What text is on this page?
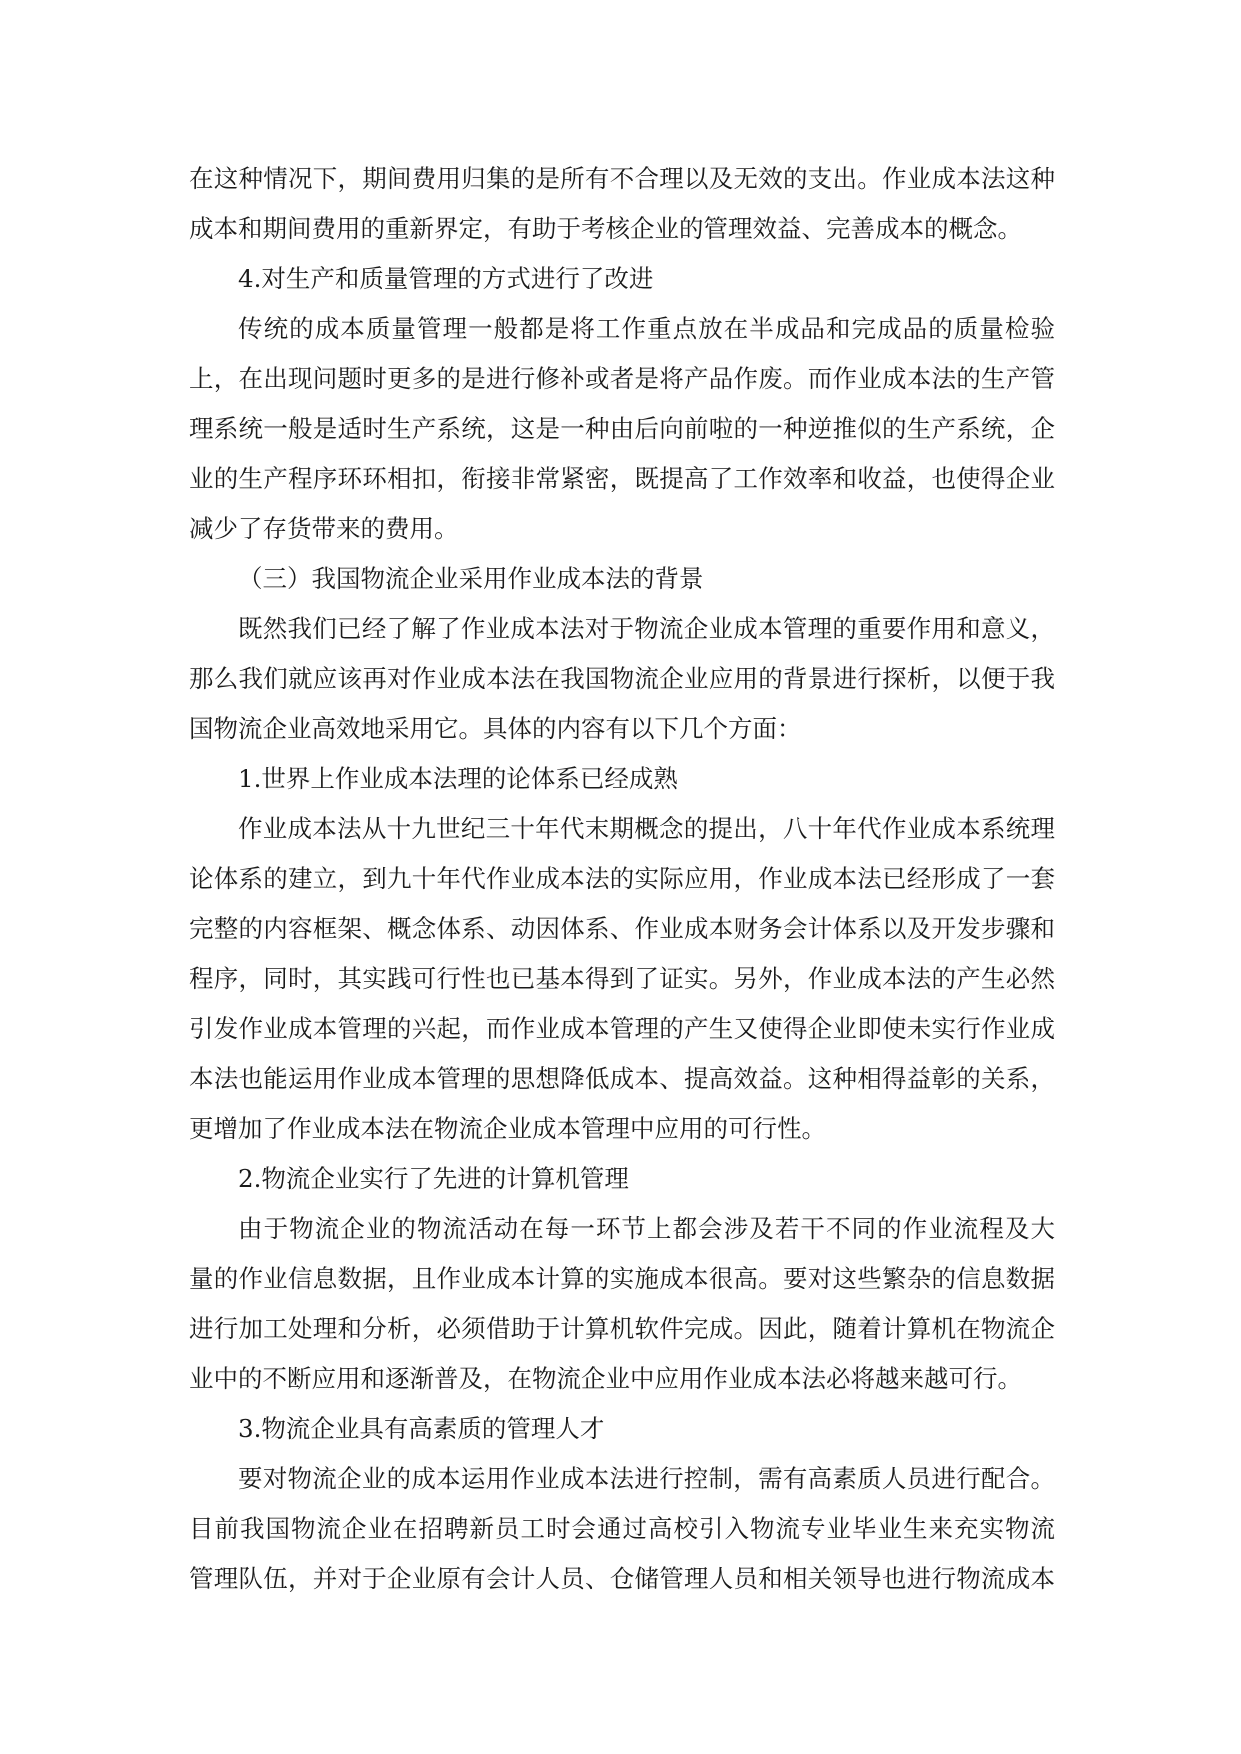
在这种情况下，期间费用归集的是所有不合理以及无效的支出。作业成本法这种
成本和期间费用的重新界定，有助于考核企业的管理效益、完善成本的概念。
4.对生产和质量管理的方式进行了改进
传统的成本质量管理一般都是将工作重点放在半成品和完成品的质量检验
上，在出现问题时更多的是进行修补或者是将产品作废。而作业成本法的生产管
理系统一般是适时生产系统，这是一种由后向前啦的一种逆推似的生产系统，企
业的生产程序环环相扣，衔接非常紧密，既提高了工作效率和收益，也使得企业
减少了存货带来的费用。
（三）我国物流企业采用作业成本法的背景
既然我们已经了解了作业成本法对于物流企业成本管理的重要作用和意义，
那么我们就应该再对作业成本法在我国物流企业应用的背景进行探析，以便于我
国物流企业高效地采用它。具体的内容有以下几个方面：
1.世界上作业成本法理的论体系已经成熟
作业成本法从十九世纪三十年代末期概念的提出，八十年代作业成本系统理
论体系的建立，到九十年代作业成本法的实际应用，作业成本法已经形成了一套
完整的内容框架、概念体系、动因体系、作业成本财务会计体系以及开发步骤和
程序，同时，其实践可行性也已基本得到了证实。另外，作业成本法的产生必然
引发作业成本管理的兴起，而作业成本管理的产生又使得企业即使未实行作业成
本法也能运用作业成本管理的思想降低成本、提高效益。这种相得益彰的关系，
更增加了作业成本法在物流企业成本管理中应用的可行性。
2.物流企业实行了先进的计算机管理
由于物流企业的物流活动在每一环节上都会涉及若干不同的作业流程及大
量的作业信息数据，且作业成本计算的实施成本很高。要对这些繁杂的信息数据
进行加工处理和分析，必须借助于计算机软件完成。因此，随着计算机在物流企
业中的不断应用和逐渐普及，在物流企业中应用作业成本法必将越来越可行。
3.物流企业具有高素质的管理人才
要对物流企业的成本运用作业成本法进行控制，需有高素质人员进行配合。
目前我国物流企业在招聘新员工时会通过高校引入物流专业毕业生来充实物流
管理队伍，并对于企业原有会计人员、仓储管理人员和相关领导也进行物流成本
